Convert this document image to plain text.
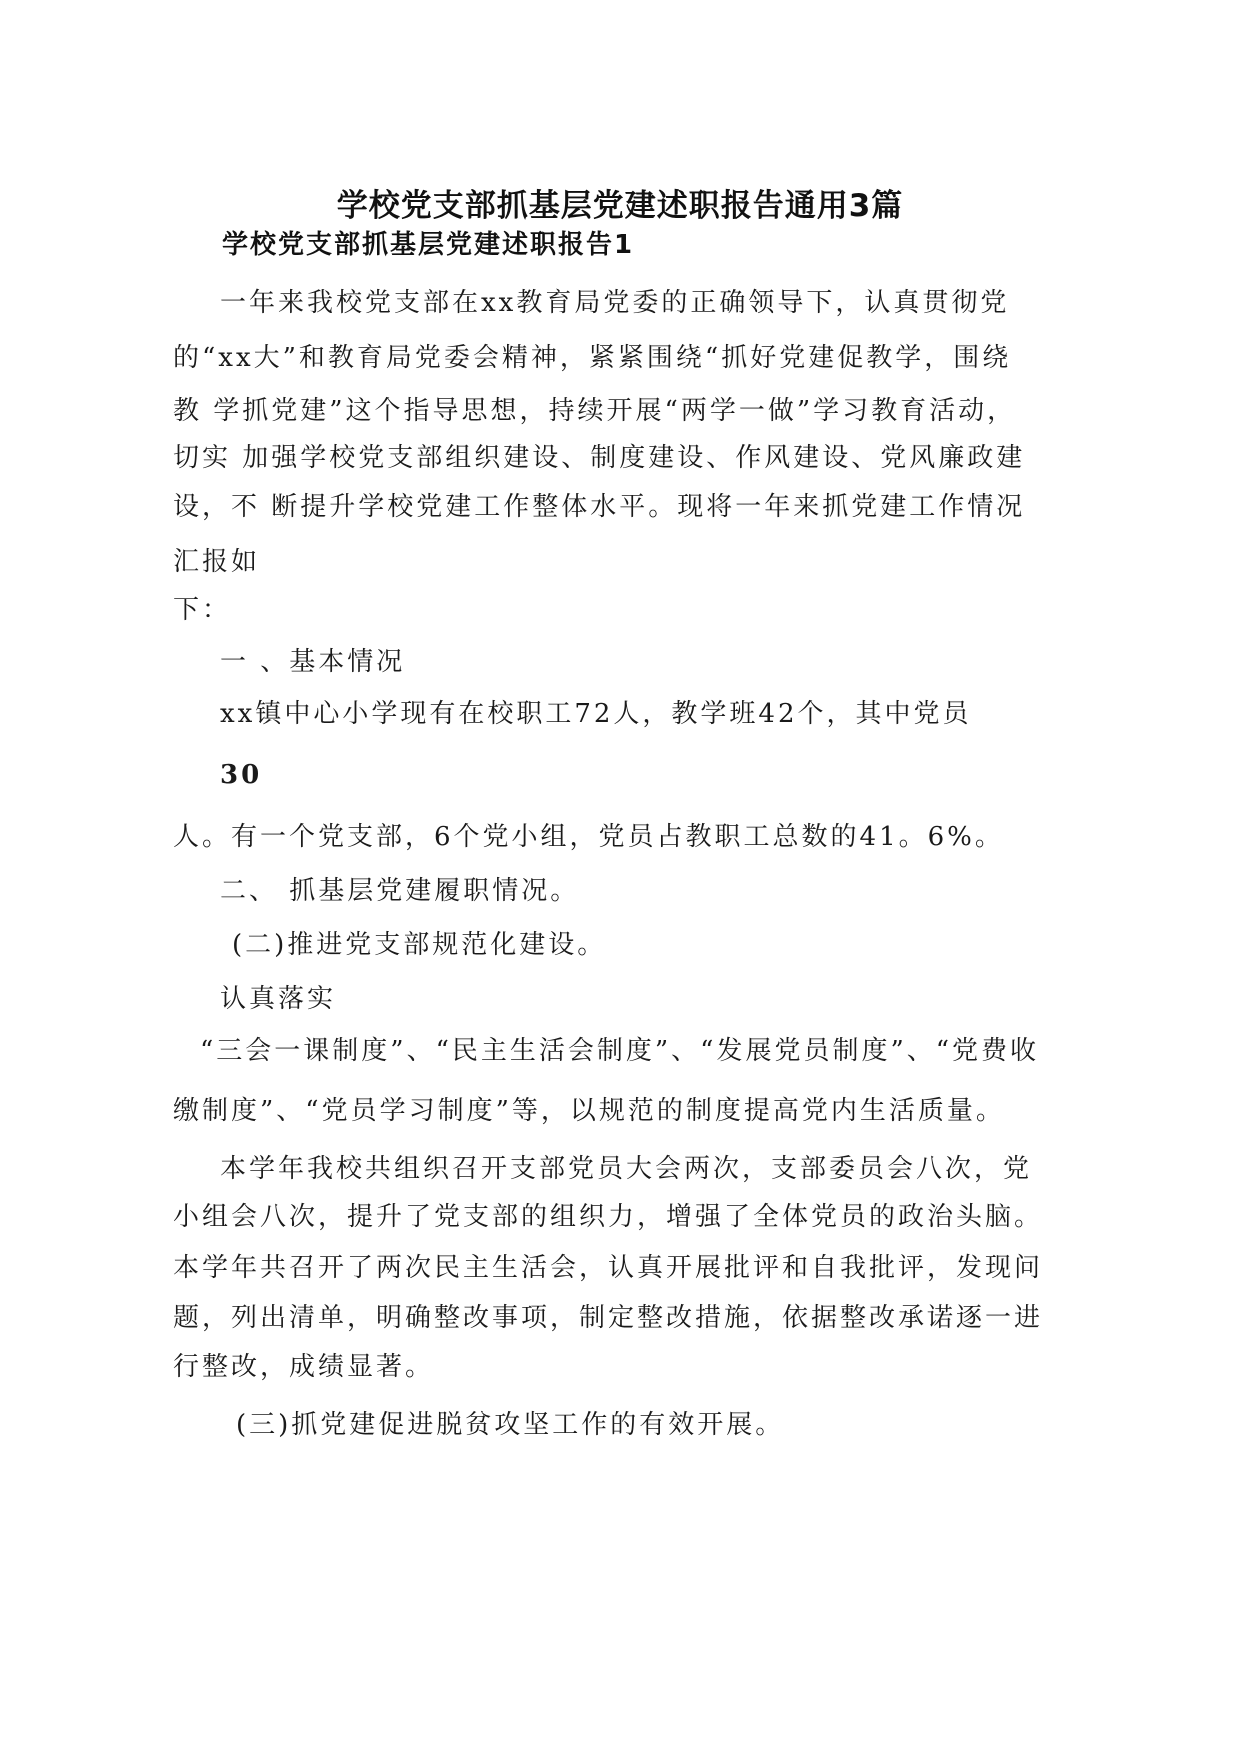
学校党支部抓基层党建述职报告通用3篇
学校党支部抓基层党建述职报告1
一年来我校党支部在xx教育局党委的正确领导下，认真贯彻党
的“xx大”和教育局党委会精神，紧紧围绕“抓好党建促教学，围绕
教 学抓党建”这个指导思想，持续开展“两学一做”学习教育活动，
切实 加强学校党支部组织建设、制度建设、作风建设、党风廉政建
设，不 断提升学校党建工作整体水平。现将一年来抓党建工作情况
汇报如
下：
一 、基本情况
xx镇中心小学现有在校职工72人，教学班42个，其中党员
30
人。有一个党支部，6个党小组，党员占教职工总数的41。6%。
二、 抓基层党建履职情况。
(二)推进党支部规范化建设。
认真落实
“三会一课制度”、“民主生活会制度”、“发展党员制度”、“党费收
缴制度”、“党员学习制度”等，以规范的制度提高党内生活质量。
本学年我校共组织召开支部党员大会两次，支部委员会八次，党
小组会八次，提升了党支部的组织力，增强了全体党员的政治头脑。
本学年共召开了两次民主生活会，认真开展批评和自我批评，发现问
题，列出清单，明确整改事项，制定整改措施，依据整改承诺逐一进
行整改，成绩显著。
(三)抓党建促进脱贫攻坚工作的有效开展。
